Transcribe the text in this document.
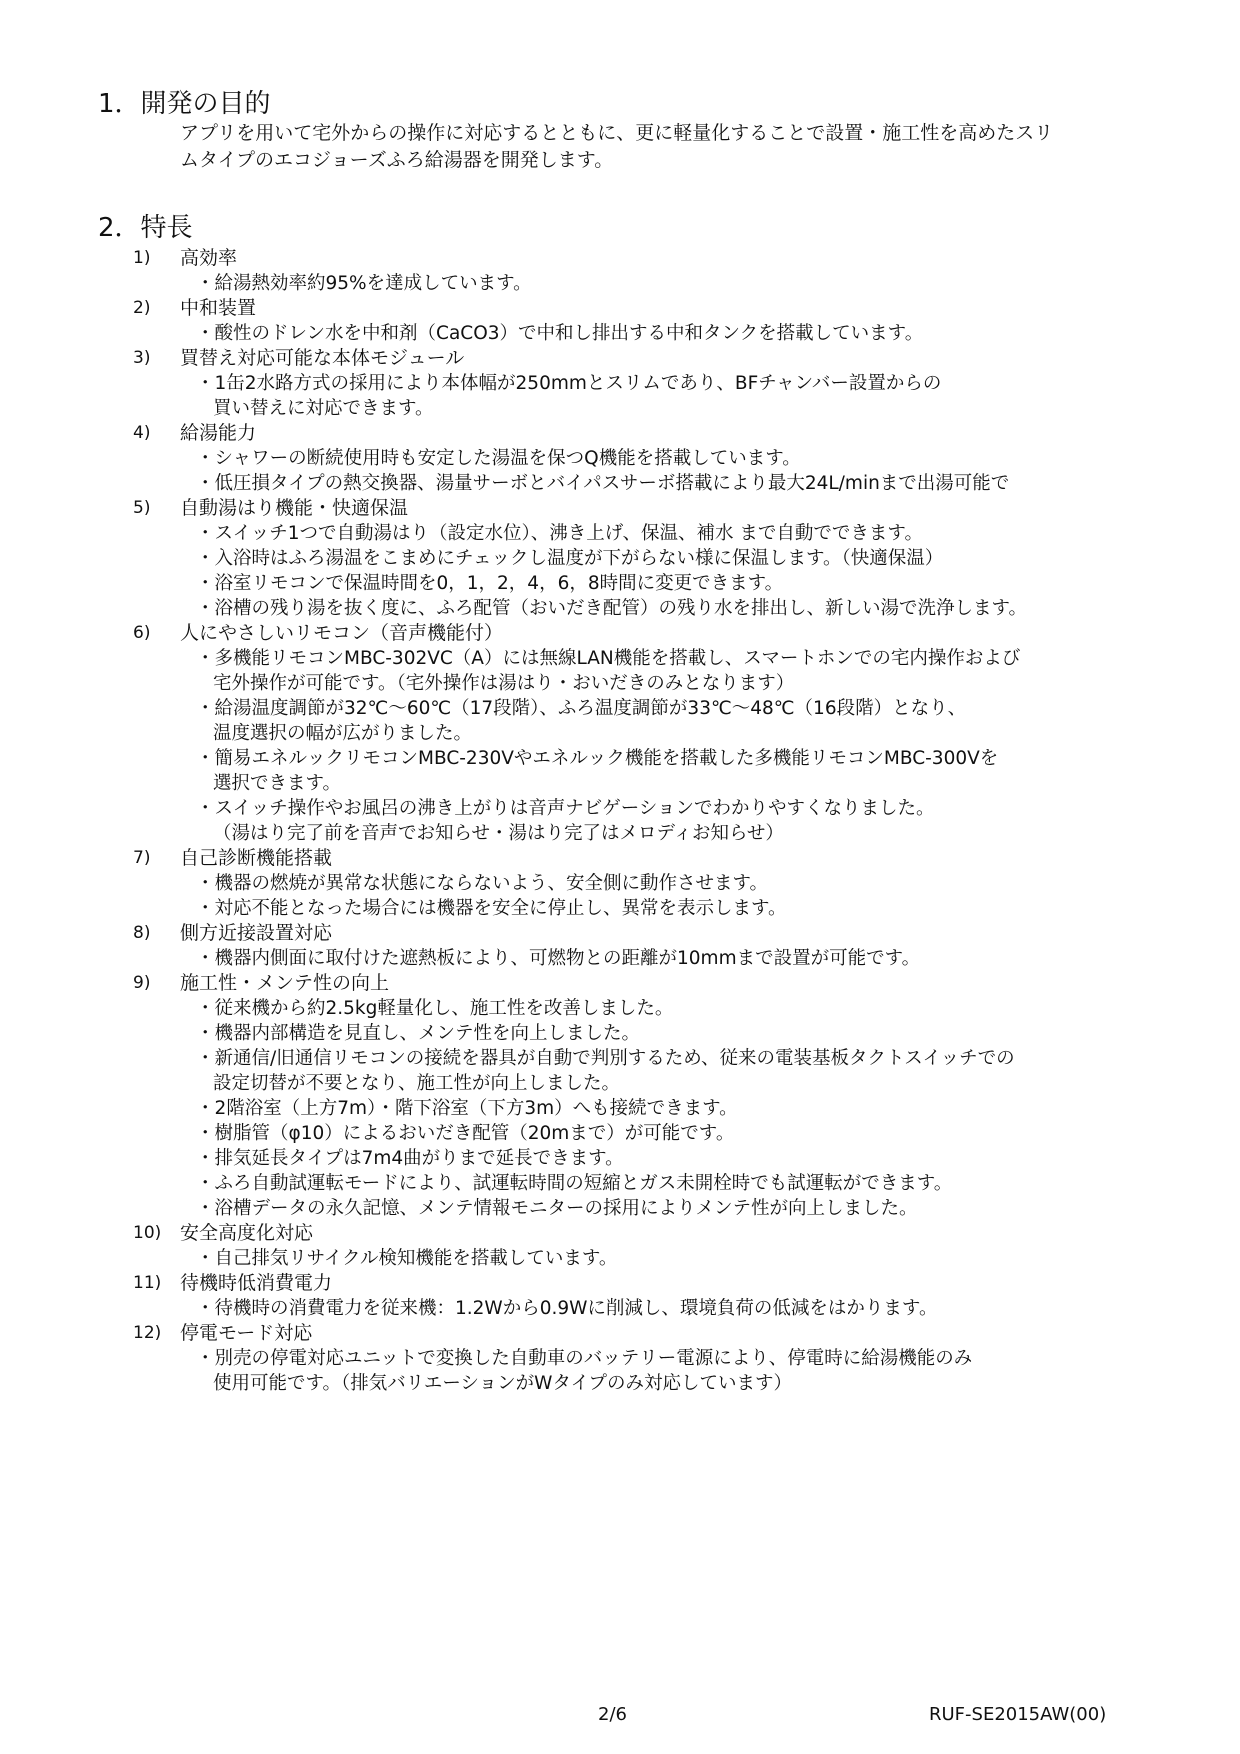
1．開発の目的
アプリを用いて宅外からの操作に対応するとともに、更に軽量化することで設置・施工性を高めたスリ
ムタイプのエコジョーズふろ給湯器を開発します。
2．特長
1) 高効率
・給湯熱効率約95%を達成しています。
2) 中和装置
・酸性のドレン水を中和剤（CaCO3）で中和し排出する中和タンクを搭載しています。
3) 買替え対応可能な本体モジュール
・1缶2水路方式の採用により本体幅が250mmとスリムであり、BFチャンバー設置からの
買い替えに対応できます。
4) 給湯能力
・シャワーの断続使用時も安定した湯温を保つQ機能を搭載しています。
・低圧損タイプの熱交換器、湯量サーボとバイパスサーボ搭載により最大24L/minまで出湯可能で
5) 自動湯はり機能・快適保温
・スイッチ1つで自動湯はり（設定水位）、沸き上げ、保温、補水 まで自動でできます。
・入浴時はふろ湯温をこまめにチェックし温度が下がらない様に保温します。（快適保温）
・浴室リモコンで保温時間を0，1，2，4，6，8時間に変更できます。
・浴槽の残り湯を抜く度に、ふろ配管（おいだき配管）の残り水を排出し、新しい湯で洗浄します。
6) 人にやさしいリモコン（音声機能付）
・多機能リモコンMBC-302VC（A）には無線LAN機能を搭載し、スマートホンでの宅内操作および
宅外操作が可能です。（宅外操作は湯はり・おいだきのみとなります）
・給湯温度調節が32℃～60℃（17段階）、ふろ温度調節が33℃～48℃（16段階）となり、
温度選択の幅が広がりました。
・簡易エネルックリモコンMBC-230Vやエネルック機能を搭載した多機能リモコンMBC-300Vを
選択できます。
・スイッチ操作やお風呂の沸き上がりは音声ナビゲーションでわかりやすくなりました。
（湯はり完了前を音声でお知らせ・湯はり完了はメロディお知らせ）
7) 自己診断機能搭載
・機器の燃焼が異常な状態にならないよう、安全側に動作させます。
・対応不能となった場合には機器を安全に停止し、異常を表示します。
8) 側方近接設置対応
・機器内側面に取付けた遮熱板により、可燃物との距離が10mmまで設置が可能です。
9) 施工性・メンテ性の向上
・従来機から約2.5kg軽量化し、施工性を改善しました。
・機器内部構造を見直し、メンテ性を向上しました。
・新通信/旧通信リモコンの接続を器具が自動で判別するため、従来の電装基板タクトスイッチでの
設定切替が不要となり、施工性が向上しました。
・2階浴室（上方7m）・階下浴室（下方3m）へも接続できます。
・樹脂管（φ10）によるおいだき配管（20mまで）が可能です。
・排気延長タイプは7m4曲がりまで延長できます。
・ふろ自動試運転モードにより、試運転時間の短縮とガス未開栓時でも試運転ができます。
・浴槽データの永久記憶、メンテ情報モニターの採用によりメンテ性が向上しました。
10) 安全高度化対応
・自己排気リサイクル検知機能を搭載しています。
11) 待機時低消費電力
・待機時の消費電力を従来機：1.2Wから0.9Wに削減し、環境負荷の低減をはかります。
12) 停電モード対応
・別売の停電対応ユニットで変換した自動車のバッテリー電源により、停電時に給湯機能のみ
使用可能です。（排気バリエーションがWタイプのみ対応しています）
2/6	RUF-SE2015AW(00)
